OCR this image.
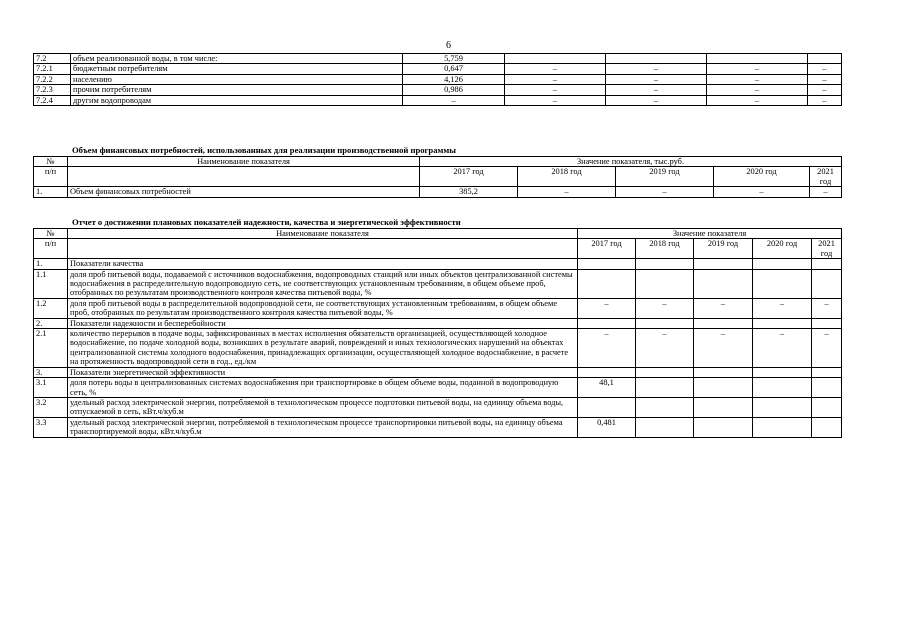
6
7.2	объем реализованной воды, в том числе:	5,759				
7.2.1	бюджетным потребителям	0,647	–	–	–	–
7.2.2	населению	4,126	–	–	–	–
7.2.3	прочим потребителям	0,986	–	–	–	–
7.2.4	другим водопроводам	–	–	–	–	–
Объем финансовых потребностей, использованных для реализации производственной программы
№	Наименование показателя	Значение показателя, тыс.руб.				
п/п		2017 год	2018 год	2019 год	2020 год	2021 год
1.	Объем финансовых потребностей	385,2	–	–	–	–
Отчет о достижении плановых показателей надежности, качества и энергетической эффективности
№	Наименование показателя	Значение показателя				
п/п		2017 год	2018 год	2019 год	2020 год	2021 год
1.	Показатели качества					
1.1	доля проб питьевой воды, подаваемой с источников водоснабжения, водопроводных станций или иных объектов централизованной системы водоснабжения в распределительную водопроводную сеть, не соответствующих установленным требованиям, в общем объеме проб, отобранных по результатам производственного контроля качества питьевой воды, %					
1.2	доля проб питьевой воды в распределительной водопроводной сети, не соответствующих установленным требованиям, в общем объеме проб, отобранных по результатам производственного контроля качества питьевой воды, %	–	–	–	–	–
2.	Показатели надежности и бесперебойности					
2.1	количество перерывов в подаче воды, зафиксированных в местах исполнения обязательств организацией, осуществляющей холодное водоснабжение, по подаче холодной воды, возникших в результате аварий, повреждений и иных технологических нарушений на объектах централизованной системы холодного водоснабжения, принадлежащих организации, осуществляющей холодное водоснабжение, в расчете на протяженность водопроводной сети в год., ед./км	–	–	–	–	–
3.	Показатели энергетической эффективности					
3.1	доля потерь воды в централизованных системах водоснабжения при транспортировке в общем объеме воды, поданной в водопроводную сеть, %	48,1				
3.2	удельный расход электрической энергии, потребляемой в технологическом процессе подготовки питьевой воды, на единицу объема воды, отпускаемой в сеть, кВт.ч/куб.м					
3.3	удельный расход электрической энергии, потребляемой в технологическом процессе транспортировки питьевой воды, на единицу объема транспортируемой воды, кВт.ч/куб.м	0,481				
